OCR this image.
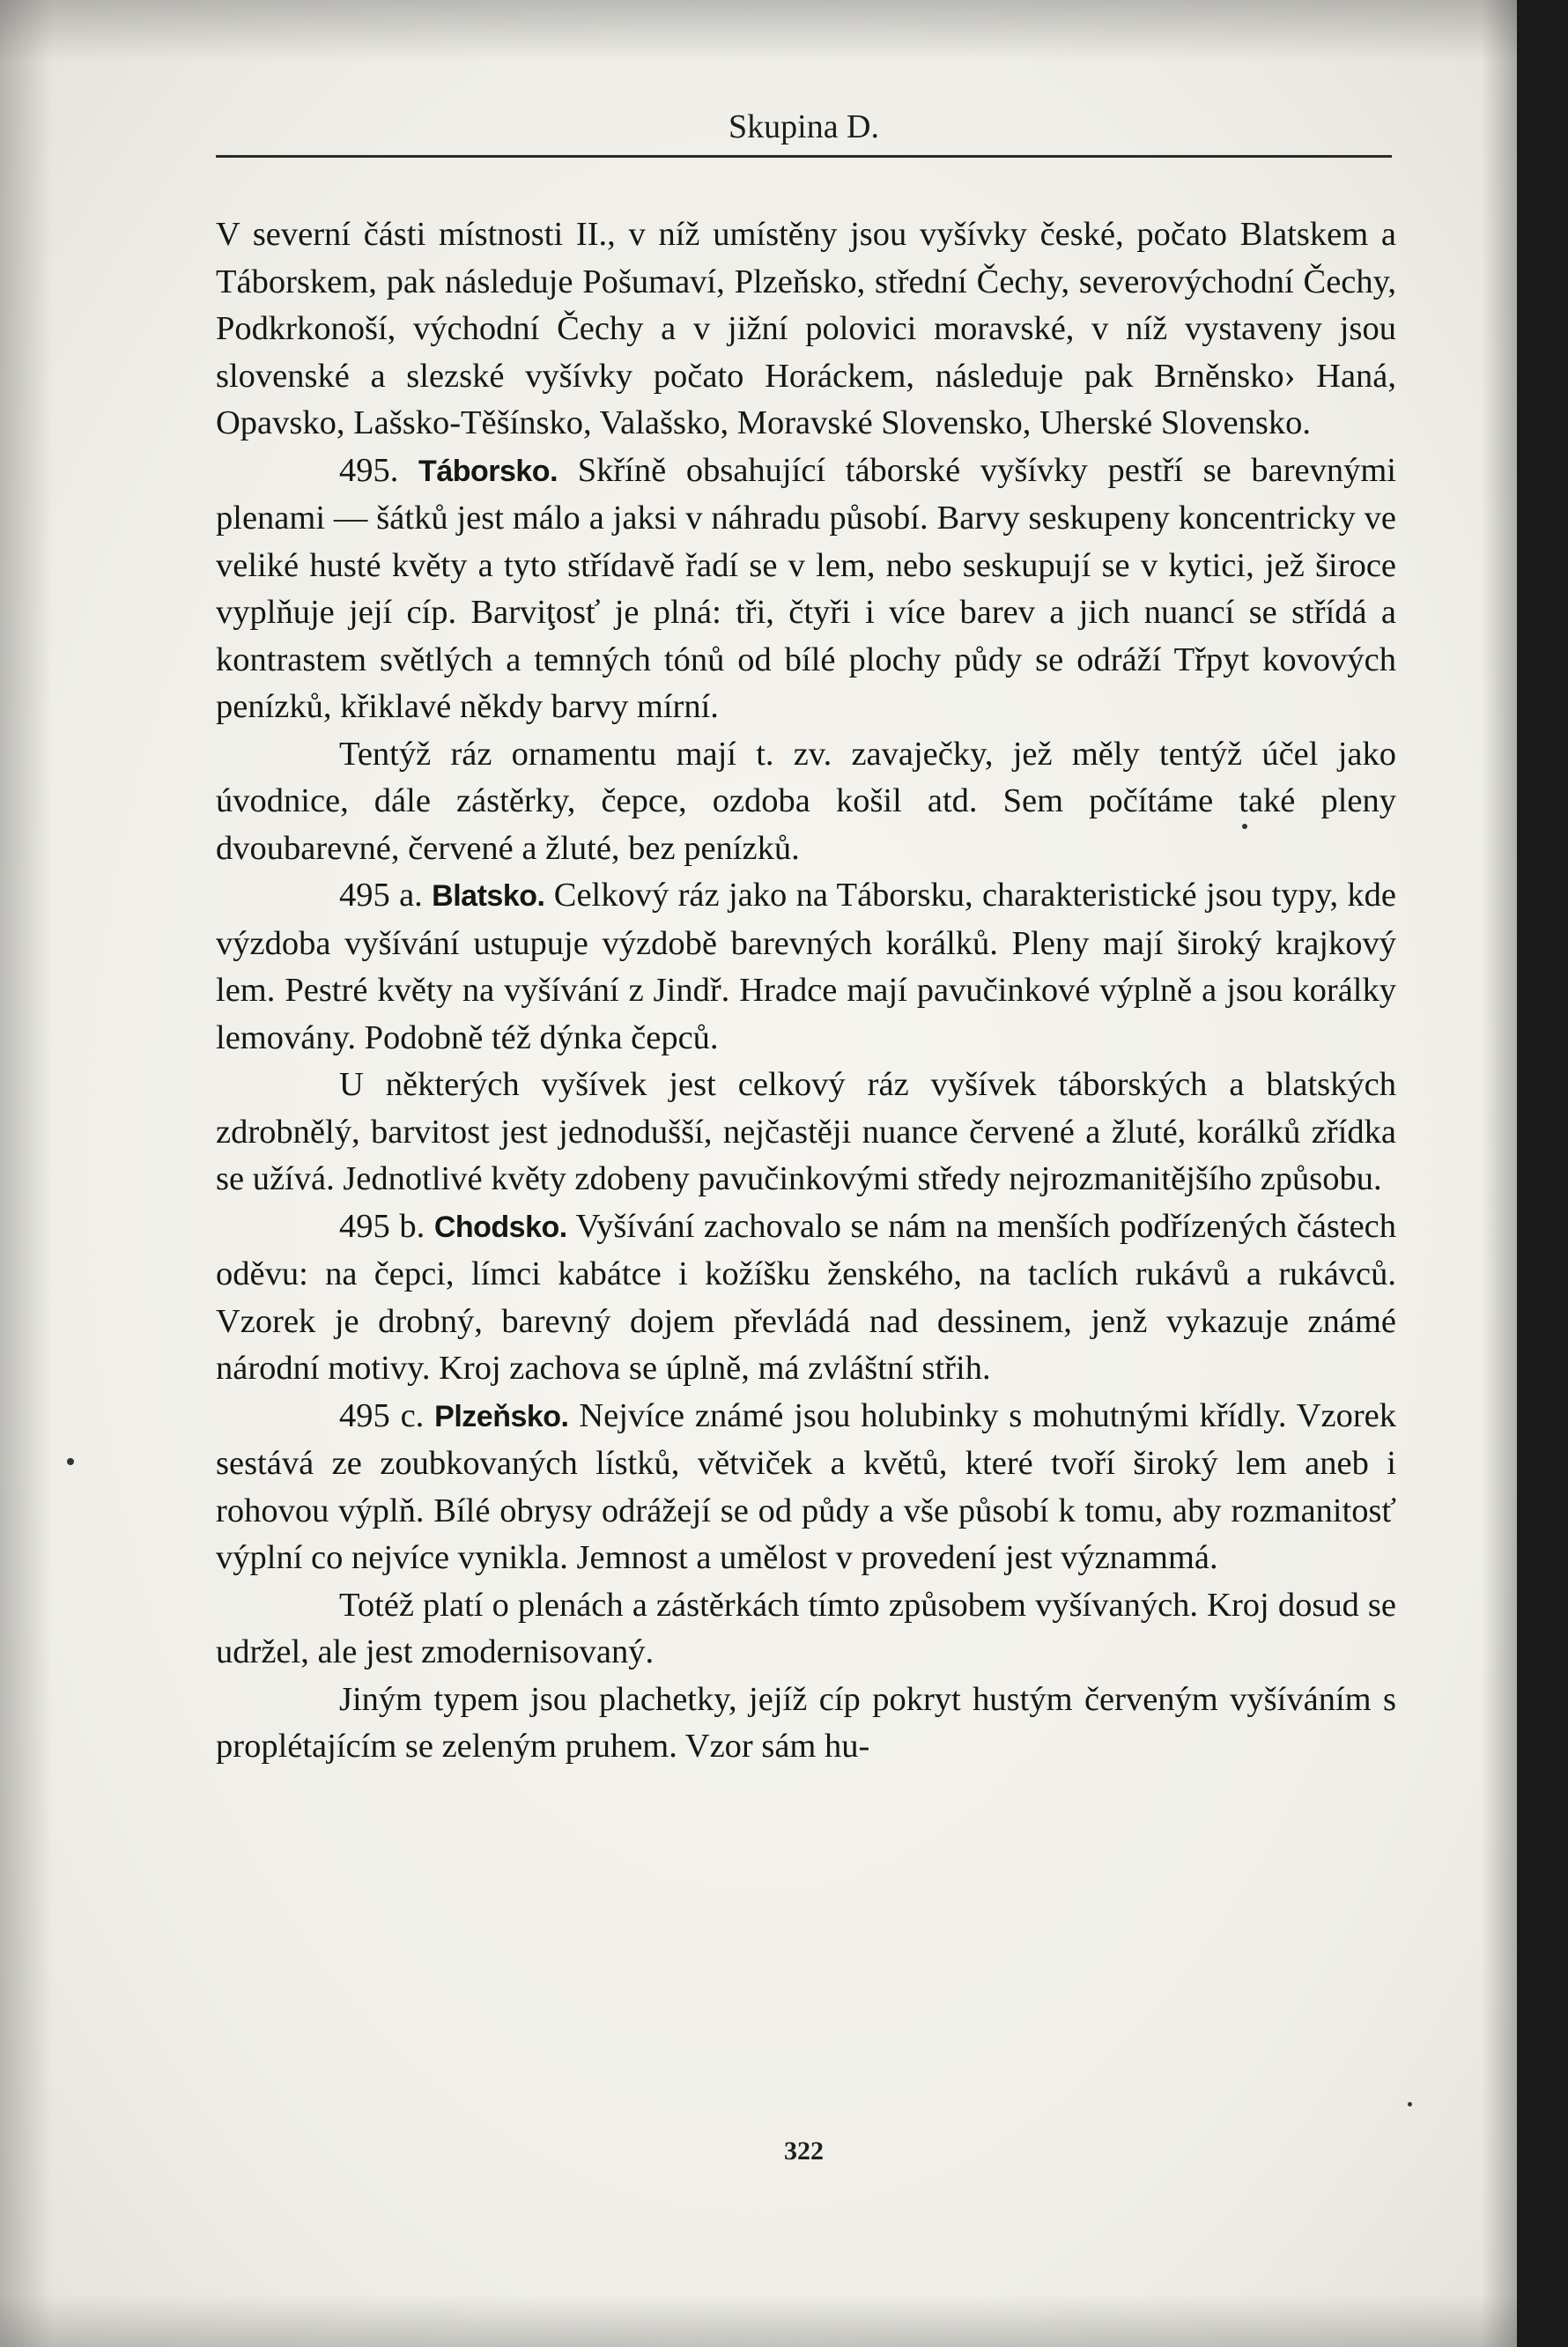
Skupina D.

V severní části místnosti II., v níž umístěny jsou vyšívky české, počato Blatskem a Táborskem, pak následuje Pošumaví, Plzeňsko, střední Čechy, severovýchodní Čechy, Podkrkonoší, východní Čechy a v jižní polovici moravské, v níž vystaveny jsou slovenské a slezské vyšívky počato Horáckem, následuje pak Brněnsko› Haná, Opavsko, Lašsko-Těšínsko, Valašsko, Moravské Slovensko, Uherské Slovensko.

495. Táborsko. Skříně obsahující táborské vyšívky pestří se barevnými plenami — šátků jest málo a jaksi v náhradu působí. Barvy seskupeny koncentricky ve veliké husté květy a tyto střídavě řadí se v lem, nebo seskupují se v kytici, jež široce vyplňuje její cíp. Barviţosť je plná: tři, čtyři i více barev a jich nuancí se střídá a kontrastem světlých a temných tónů od bílé plochy půdy se odráží Třpyt kovových penízků, křiklavé někdy barvy mírní.

Tentýž ráz ornamentu mají t. zv. zavaječky, jež měly tentýž účel jako úvodnice, dále zástěrky, čepce, ozdoba košil atd. Sem počítáme také pleny dvoubarevné, červené a žluté, bez penízků.

495 a. Blatsko. Celkový ráz jako na Táborsku, charakteristické jsou typy, kde výzdoba vyšívání ustupuje výzdobě barevných korálků. Pleny mají široký krajkový lem. Pestré květy na vyšívání z Jindř. Hradce mají pavučinkové výplně a jsou korálky lemovány. Podobně též dýnka čepců.

U některých vyšívek jest celkový ráz vyšívek táborských a blatských zdrobnělý, barvitost jest jednodušší, nejčastěji nuance červené a žluté, korálků zřídka se užívá. Jednotlivé květy zdobeny pavučinkovými středy nejrozmanitějšího způsobu.

495 b. Chodsko. Vyšívání zachovalo se nám na menších podřízených částech oděvu: na čepci, límci kabátce i kožíšku ženského, na taclích rukávů a rukávců. Vzorek je drobný, barevný dojem převládá nad dessinem, jenž vykazuje známé národní motivy. Kroj zachova se úplně, má zvláštní střih.

495 c. Plzeňsko. Nejvíce známé jsou holubinky s mohutnými křídly. Vzorek sestává ze zoubkovaných lístků, větviček a květů, které tvoří široký lem aneb i rohovou výplň. Bílé obrysy odrážejí se od půdy a vše působí k tomu, aby rozmanitosť výplní co nejvíce vynikla. Jemnost a umělost v provedení jest význammá.

Totéž platí o plenách a zástěrkách tímto způsobem vyšívaných. Kroj dosud se udržel, ale jest zmodernisovaný.

Jiným typem jsou plachetky, jejíž cíp pokryt hustým červeným vyšíváním s proplétajícím se zeleným pruhem. Vzor sám hu-

322
